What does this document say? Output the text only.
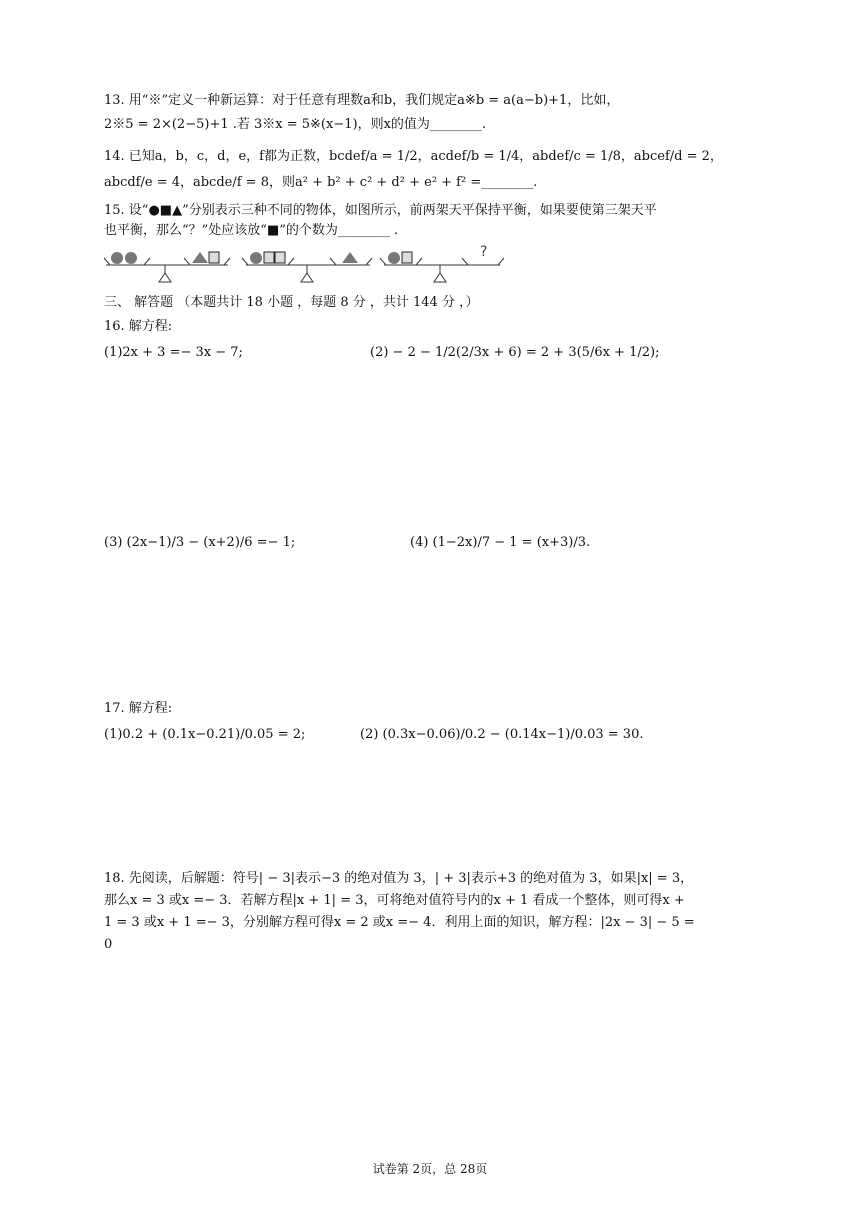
13. 用“※”定义一种新运算：对于任意有理数a和b，我们规定a※b = a(a−b)+1，比如，
2※5 = 2×(2−5)+1 .若 3※x = 5※(x−1)，则x的值为________.
14. 已知a，b，c，d，e，f都为正数，bcdef/a = 1/2，acdef/b = 1/4，abdef/c = 1/8，abcef/d = 2，
abcdf/e = 4，abcde/f = 8，则a² + b² + c² + d² + e² + f² =________.
15. 设“●■▲”分别表示三种不同的物体，如图所示，前两架天平保持平衡，如果要使第三架天平
也平衡，那么“？”处应该放“■”的个数为________ .
?
三、 解答题 （本题共计 18 小题 ，每题 8 分 ，共计 144 分 ，）
16. 解方程:
(1)2x + 3 =− 3x − 7;	(2) − 2 − 1/2(2/3x + 6) = 2 + 3(5/6x + 1/2);
(3) (2x−1)/3 − (x+2)/6 =− 1;	(4) (1−2x)/7 − 1 = (x+3)/3.
17. 解方程:
(1)0.2 + (0.1x−0.21)/0.05 = 2;	(2) (0.3x−0.06)/0.2 − (0.14x−1)/0.03 = 30.
18. 先阅读，后解题：符号| − 3|表示−3 的绝对值为 3，| + 3|表示+3 的绝对值为 3，如果|x| = 3，
那么x = 3 或x =− 3．若解方程|x + 1| = 3，可将绝对值符号内的x + 1 看成一个整体，则可得x +
1 = 3 或x + 1 =− 3，分别解方程可得x = 2 或x =− 4．利用上面的知识，解方程：|2x − 3| − 5 =
0
试卷第 2页，总 28页
